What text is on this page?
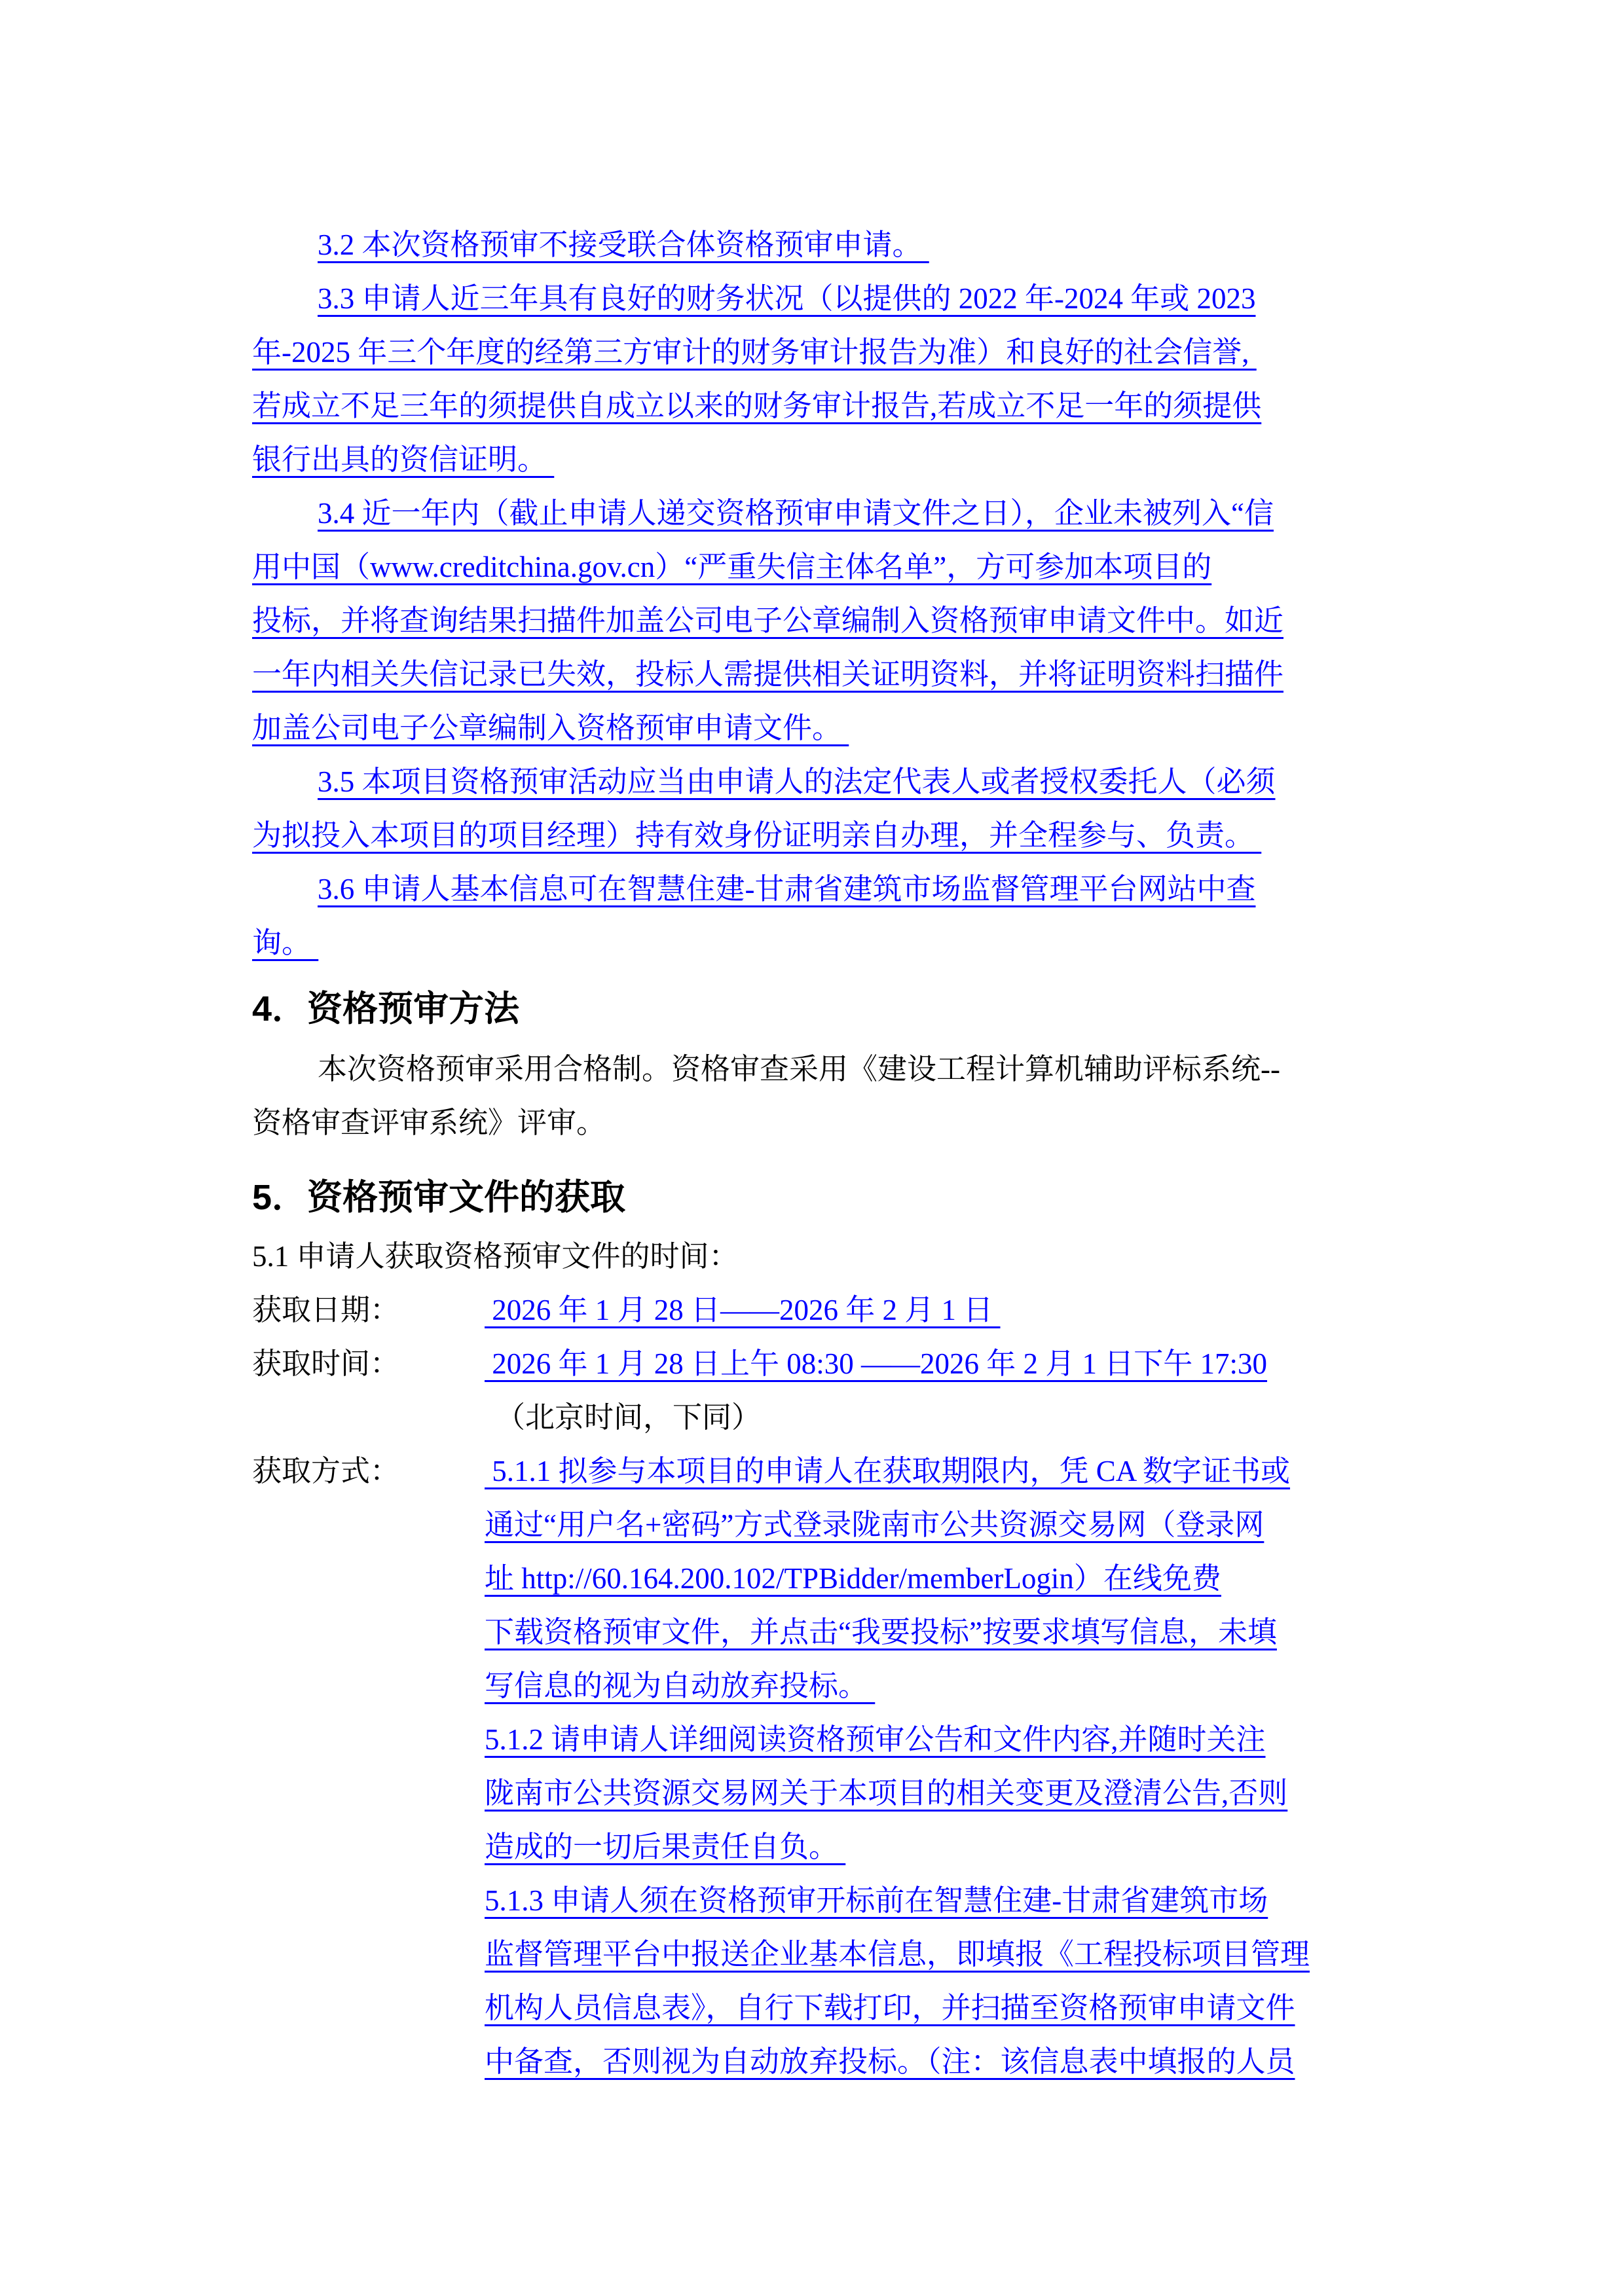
3.2 本次资格预审不接受联合体资格预审申请。
3.3 申请人近三年具有良好的财务状况（以提供的 2022 年-2024 年或 2023
年-2025 年三个年度的经第三方审计的财务审计报告为准）和良好的社会信誉,
若成立不足三年的须提供自成立以来的财务审计报告,若成立不足一年的须提供
银行出具的资信证明。
3.4 近一年内（截止申请人递交资格预审申请文件之日），企业未被列入“信
用中国（www.creditchina.gov.cn）“严重失信主体名单”，方可参加本项目的
投标，并将查询结果扫描件加盖公司电子公章编制入资格预审申请文件中。如近
一年内相关失信记录已失效，投标人需提供相关证明资料，并将证明资料扫描件
加盖公司电子公章编制入资格预审申请文件。
3.5 本项目资格预审活动应当由申请人的法定代表人或者授权委托人（必须
为拟投入本项目的项目经理）持有效身份证明亲自办理，并全程参与、负责。
3.6 申请人基本信息可在智慧住建-甘肃省建筑市场监督管理平台网站中查
询。
4．资格预审方法
本次资格预审采用合格制。资格审查采用《建设工程计算机辅助评标系统--
资格审查评审系统》评审。
5．资格预审文件的获取
5.1 申请人获取资格预审文件的时间：
获取日期：	2026 年 1 月 28 日——2026 年 2 月 1 日
获取时间：	2026 年 1 月 28 日上午 08:30 ——2026 年 2 月 1 日下午 17:30
（北京时间，下同）
获取方式：	5.1.1 拟参与本项目的申请人在获取期限内，凭 CA 数字证书或
通过“用户名+密码”方式登录陇南市公共资源交易网（登录网
址 http://60.164.200.102/TPBidder/memberLogin）在线免费
下载资格预审文件，并点击“我要投标”按要求填写信息，未填
写信息的视为自动放弃投标。
5.1.2 请申请人详细阅读资格预审公告和文件内容,并随时关注
陇南市公共资源交易网关于本项目的相关变更及澄清公告,否则
造成的一切后果责任自负。
5.1.3 申请人须在资格预审开标前在智慧住建-甘肃省建筑市场
监督管理平台中报送企业基本信息，即填报《工程投标项目管理
机构人员信息表》，自行下载打印，并扫描至资格预审申请文件
中备查，否则视为自动放弃投标。（注：该信息表中填报的人员
